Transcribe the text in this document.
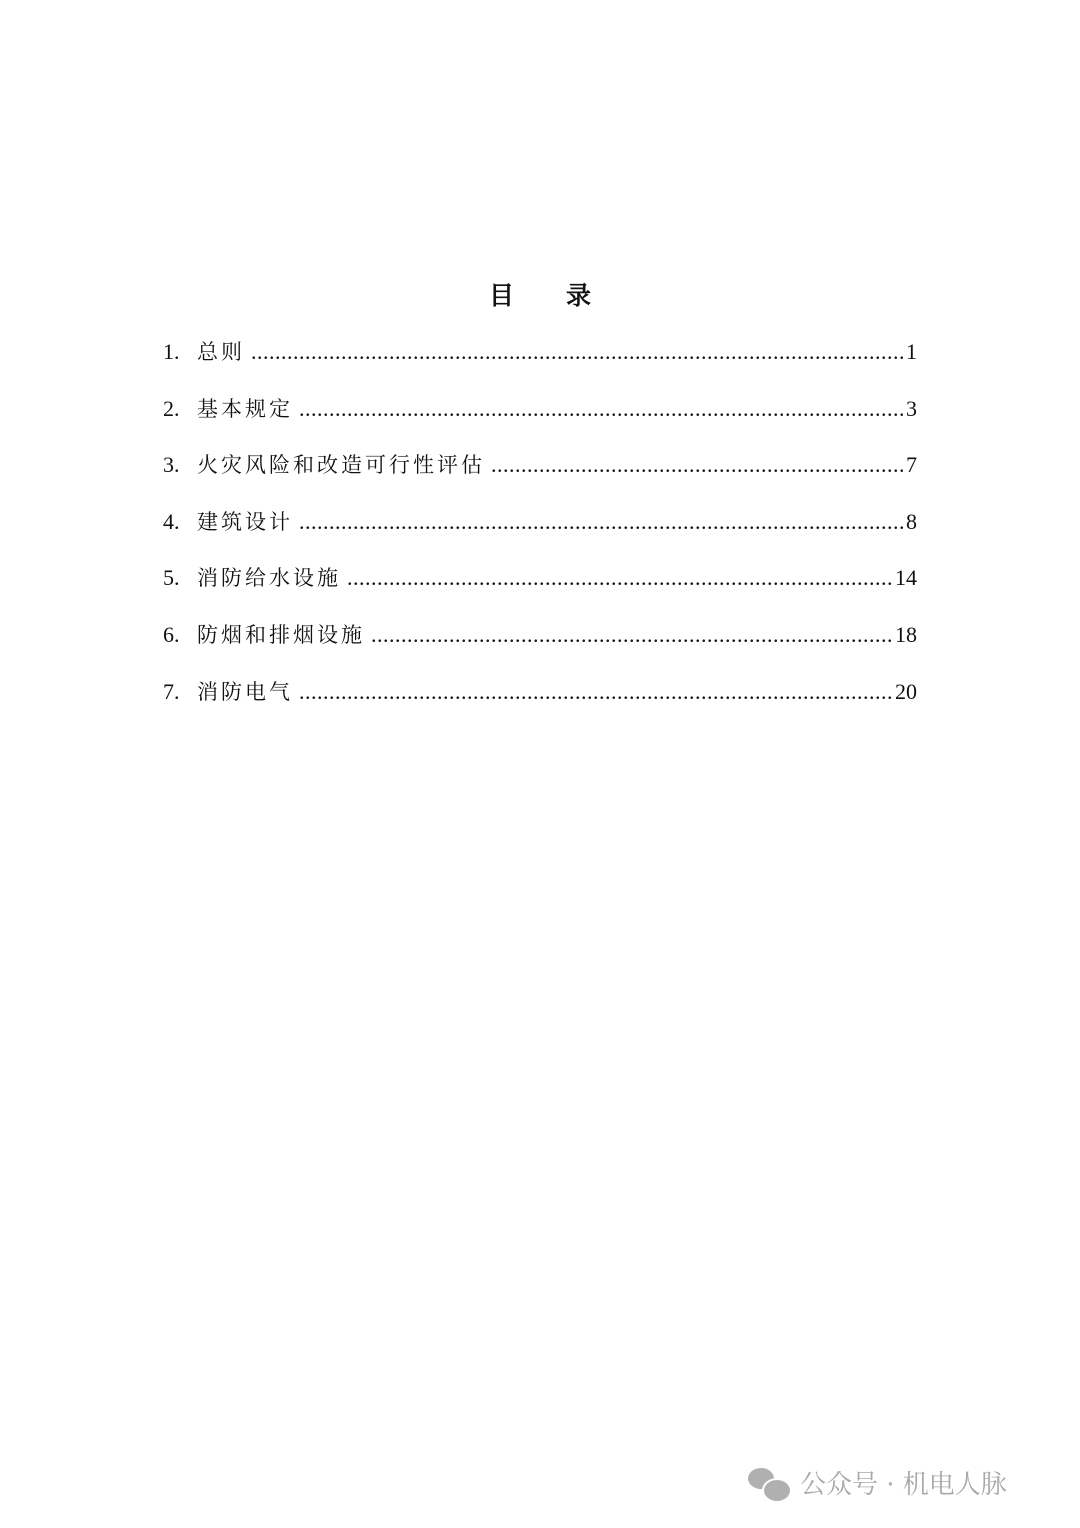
目 录
1. 总则 .....	1
2. 基本规定 .....	3
3. 火灾风险和改造可行性评估 .....	7
4. 建筑设计 .....	8
5. 消防给水设施 .....	14
6. 防烟和排烟设施 .....	18
7. 消防电气 .....	20
公众号 · 机电人脉
